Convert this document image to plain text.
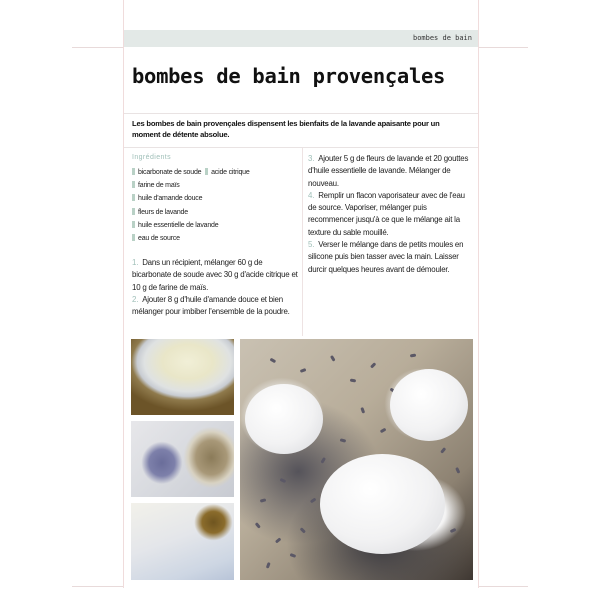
bombes de bain
bombes de bain provençales
Les bombes de bain provençales dispensent les bienfaits de la lavande apaisante pour un moment de détente absolue.
Ingrédients
bicarbonate de soude acide citrique
farine de maïs
huile d'amande douce
fleurs de lavande
huile essentielle de lavande
eau de source
1. Dans un récipient, mélanger 60 g de bicarbonate de soude avec 30 g d'acide citrique et 10 g de farine de maïs.
2. Ajouter 8 g d'huile d'amande douce et bien mélanger pour imbiber l'ensemble de la poudre.
3. Ajouter 5 g de fleurs de lavande et 20 gouttes d'huile essentielle de lavande. Mélanger de nouveau.
4. Remplir un flacon vaporisateur avec de l'eau de source. Vaporiser, mélanger puis recommencer jusqu'à ce que le mélange ait la texture du sable mouillé.
5. Verser le mélange dans de petits moules en silicone puis bien tasser avec la main. Laisser durcir quelques heures avant de démouler.
